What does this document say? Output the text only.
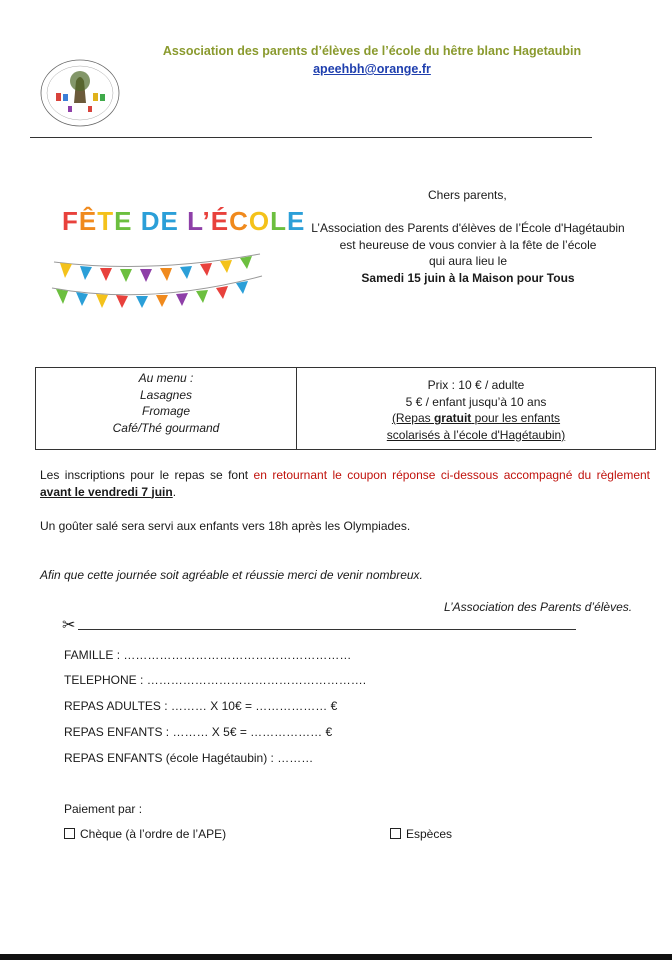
Association des parents d’élèves de l’école du hêtre blanc Hagetaubin
apeehbh@orange.fr
FÊTE DE L’ÉCOLE
Chers parents,
L’Association des Parents d'élèves de l’École d'Hagétaubin
est heureuse de vous convier à la fête de l’école
qui aura lieu le
Samedi 15 juin à la Maison pour Tous
Au menu :
Lasagnes
Fromage
Café/Thé gourmand

Prix : 10 € / adulte
5 € / enfant jusqu’à 10 ans
(Repas gratuit pour les enfants
scolarisés à l’école d'Hagétaubin)
Les inscriptions pour le repas se font en retournant le coupon réponse ci-dessous accompagné du règlement avant le vendredi 7 juin.
Un goûter salé sera servi aux enfants vers 18h après les Olympiades.
Afin que cette journée soit agréable et réussie merci de venir nombreux.
L’Association des Parents d’élèves.
✂
FAMILLE : …………………………………………………
TELEPHONE : ……………………………………………….
REPAS ADULTES : ……… X 10€ = ……………… €
REPAS ENFANTS : ……… X 5€ = ……………… €
REPAS ENFANTS (école Hagétaubin) : ………
Paiement par :
Chèque (à l’ordre de l’APE)	Espèces
